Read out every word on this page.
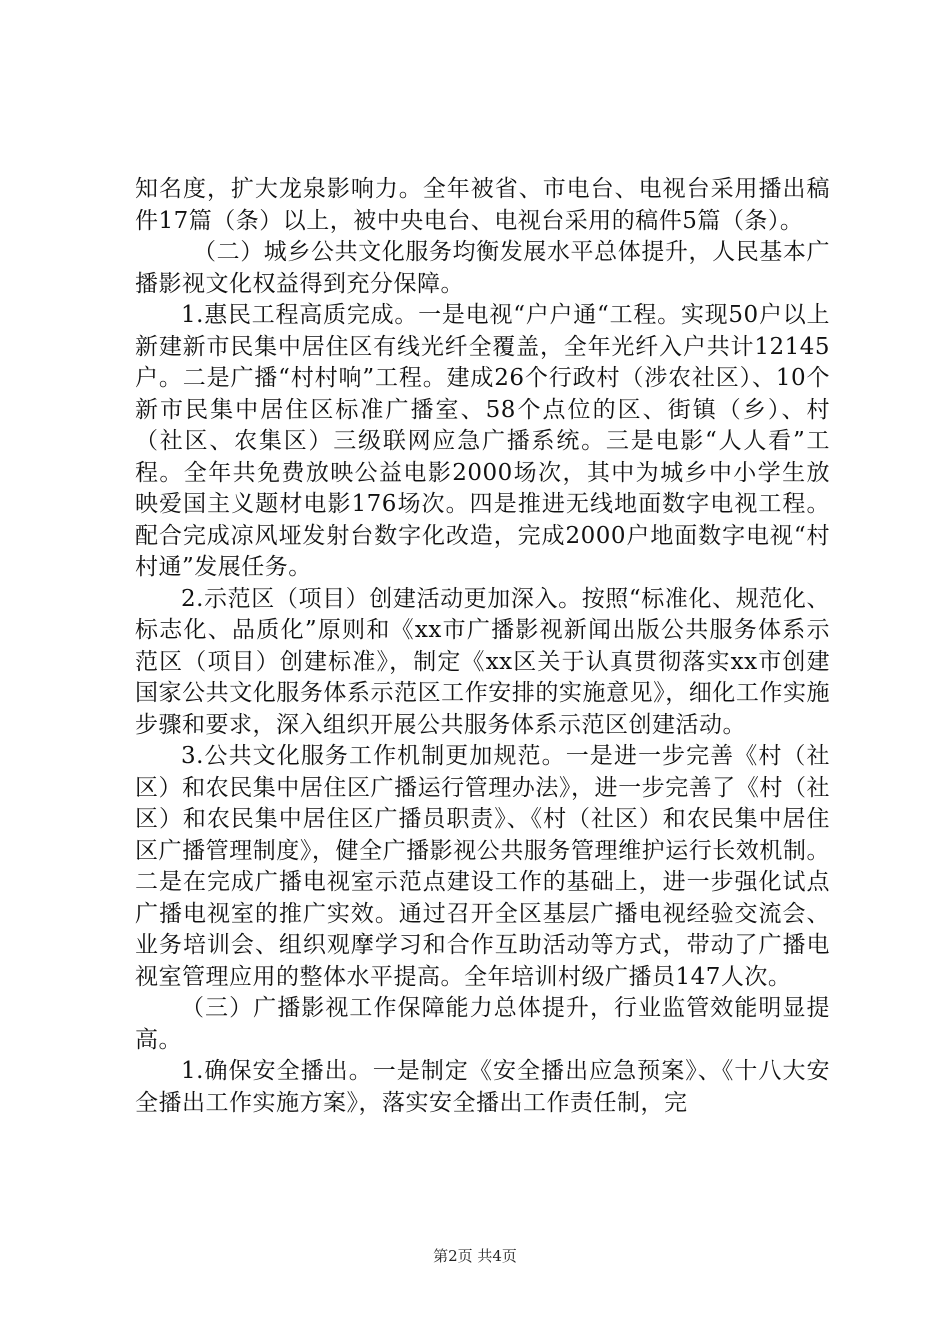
知名度，扩大龙泉影响力。全年被省、市电台、电视台采用播出稿件17篇（条）以上，被中央电台、电视台采用的稿件5篇（条）。

（二）城乡公共文化服务均衡发展水平总体提升，人民基本广播影视文化权益得到充分保障。

1.惠民工程高质完成。一是电视“户户通“工程。实现50户以上新建新市民集中居住区有线光纤全覆盖，全年光纤入户共计12145户。二是广播“村村响”工程。建成26个行政村（涉农社区）、10个新市民集中居住区标准广播室、58个点位的区、街镇（乡）、村（社区、农集区）三级联网应急广播系统。三是电影“人人看”工程。全年共免费放映公益电影2000场次，其中为城乡中小学生放映爱国主义题材电影176场次。四是推进无线地面数字电视工程。配合完成凉风垭发射台数字化改造，完成2000户地面数字电视“村村通”发展任务。

2.示范区（项目）创建活动更加深入。按照“标准化、规范化、标志化、品质化”原则和《xx市广播影视新闻出版公共服务体系示范区（项目）创建标准》，制定《xx区关于认真贯彻落实xx市创建国家公共文化服务体系示范区工作安排的实施意见》，细化工作实施步骤和要求，深入组织开展公共服务体系示范区创建活动。

3.公共文化服务工作机制更加规范。一是进一步完善《村（社区）和农民集中居住区广播运行管理办法》，进一步完善了《村（社区）和农民集中居住区广播员职责》、《村（社区）和农民集中居住区广播管理制度》，健全广播影视公共服务管理维护运行长效机制。二是在完成广播电视室示范点建设工作的基础上，进一步强化试点广播电视室的推广实效。通过召开全区基层广播电视经验交流会、业务培训会、组织观摩学习和合作互助活动等方式，带动了广播电视室管理应用的整体水平提高。全年培训村级广播员147人次。

（三）广播影视工作保障能力总体提升，行业监管效能明显提高。

1.确保安全播出。一是制定《安全播出应急预案》、《十八大安全播出工作实施方案》，落实安全播出工作责任制，完

第2页 共4页
